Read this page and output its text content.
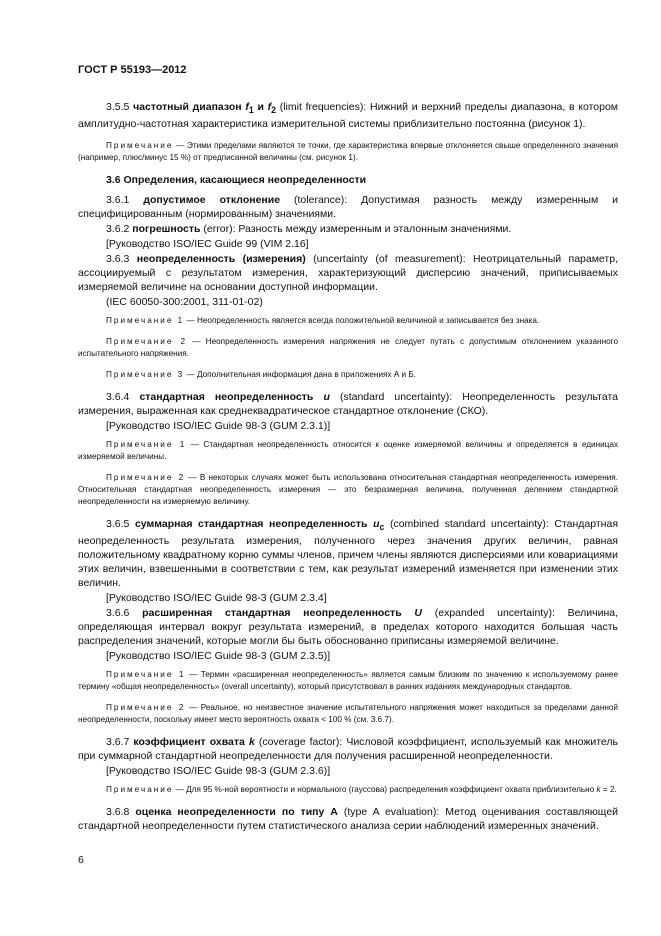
ГОСТ Р 55193—2012
3.5.5 частотный диапазон $f_1$ и $f_2$ (limit frequencies): Нижний и верхний пределы диапазона, в котором амплитудно-частотная характеристика измерительной системы приблизительно постоянна (рисунок 1).
Примечание — Этими пределами являются те точки, где характеристика впервые отклоняется свыше определенного значения (например, плюс/минус 15 %) от предписанной величины (см. рисунок 1).
3.6 Определения, касающиеся неопределенности
3.6.1 допустимое отклонение (tolerance): Допустимая разность между измеренным и специфицированным (нормированным) значениями.
3.6.2 погрешность (error): Разность между измеренным и эталонным значениями.
[Руководство ISO/IEC Guide 99 (VIM 2.16]
3.6.3 неопределенность (измерения) (uncertainty (of measurement): Неотрицательный параметр, ассоциируемый с результатом измерения, характеризующий дисперсию значений, приписываемых измеряемой величине на основании доступной информации.
(IEC 60050-300:2001, 311-01-02)
Примечание 1 — Неопределенность является всегда положительной величиной и записывается без знака.
Примечание 2 — Неопределенность измерения напряжения не следует путать с допустимым отклонением указанного испытательного напряжения.
Примечание 3 — Дополнительная информация дана в приложениях А и Б.
3.6.4 стандартная неопределенность u (standard uncertainty): Неопределенность результата измерения, выраженная как среднеквадратическое стандартное отклонение (СКО).
[Руководство ISO/IEC Guide 98-3 (GUM 2.3.1)]
Примечание 1 — Стандартная неопределенность относится к оценке измеряемой величины и определяется в единицах измеряемой величины.
Примечание 2 — В некоторых случаях может быть использована относительная стандартная неопределенность измерения. Относительная стандартная неопределенность измерения — это безразмерная величина, полученная делением стандартной неопределенности на измеряемую величину.
3.6.5 суммарная стандартная неопределенность $u_c$ (combined standard uncertainty): Стандартная неопределенность результата измерения, полученного через значения других величин, равная положительному квадратному корню суммы членов, причем члены являются дисперсиями или ковариациями этих величин, взвешенными в соответствии с тем, как результат измерений изменяется при изменении этих величин.
[Руководство ISO/IEC Guide 98-3 (GUM 2.3.4]
3.6.6 расширенная стандартная неопределенность U (expanded uncertainty): Величина, определяющая интервал вокруг результата измерений, в пределах которого находится большая часть распределения значений, которые могли бы быть обоснованно приписаны измеряемой величине.
[Руководство ISO/IEC Guide 98-3 (GUM 2.3.5)]
Примечание 1 — Термин «расширенная неопределенность» является самым близким по значению к используемому ранее термину «общая неопределенность» (overall uncertainty), который присутствовал в ранних изданиях международных стандартов.
Примечание 2 — Реальное, но неизвестное значение испытательного напряжения может находиться за пределами данной неопределенности, поскольку имеет место вероятность охвата < 100 % (см. 3.6.7).
3.6.7 коэффициент охвата k (coverage factor): Числовой коэффициент, используемый как множитель при суммарной стандартной неопределенности для получения расширенной неопределенности.
[Руководство ISO/IEC Guide 98-3 (GUM 2.3.6)]
Примечание — Для 95 %-ной вероятности и нормального (гауссова) распределения коэффициент охвата приблизительно k = 2.
3.6.8 оценка неопределенности по типу А (type A evaluation): Метод оценивания составляющей стандартной неопределенности путем статистического анализа серии наблюдений измеренных значений.
6
